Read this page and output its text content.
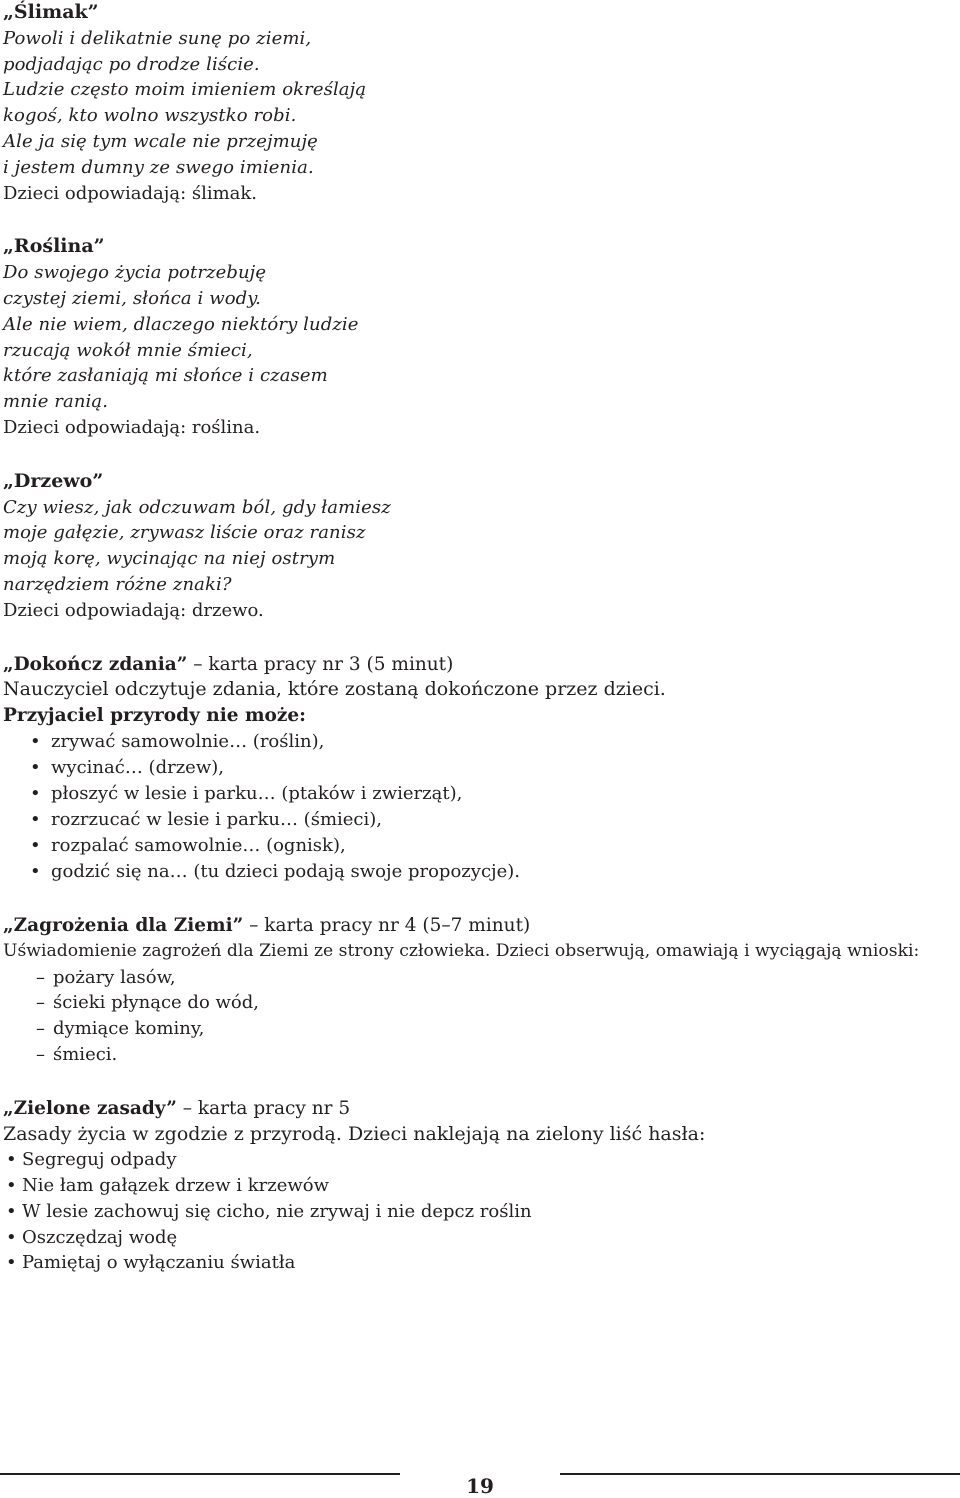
„Ślimak”
Powoli i delikatnie sunę po ziemi,
podjadając po drodze liście.
Ludzie często moim imieniem określają
kogoś, kto wolno wszystko robi.
Ale ja się tym wcale nie przejmuję
i jestem dumny ze swego imienia.
Dzieci odpowiadają: ślimak.
„Roślina”
Do swojego życia potrzebuję
czystej ziemi, słońca i wody.
Ale nie wiem, dlaczego niektóry ludzie
rzucają wokół mnie śmieci,
które zasłaniają mi słońce i czasem
mnie ranią.
Dzieci odpowiadają: roślina.
„Drzewo”
Czy wiesz, jak odczuwam ból, gdy łamiesz
moje gałęzie, zrywasz liście oraz ranisz
moją korę, wycinając na niej ostrym
narzędziem różne znaki?
Dzieci odpowiadają: drzewo.
„Dokończ zdania” – karta pracy nr 3 (5 minut)
Nauczyciel odczytuje zdania, które zostaną dokończone przez dzieci.
Przyjaciel przyrody nie może:
• zrywać samowolnie… (roślin),
• wycinać… (drzew),
• płoszyć w lesie i parku… (ptaków i zwierząt),
• rozrzucać w lesie i parku… (śmieci),
• rozpalać samowolnie… (ognisk),
• godzić się na… (tu dzieci podają swoje propozycje).
„Zagrożenia dla Ziemi” – karta pracy nr 4 (5–7 minut)
Uświadomienie zagrożeń dla Ziemi ze strony człowieka. Dzieci obserwują, omawiają i wyciągają wnioski:
– pożary lasów,
– ścieki płynące do wód,
– dymiące kominy,
– śmieci.
„Zielone zasady” – karta pracy nr 5
Zasady życia w zgodzie z przyrodą. Dzieci naklejają na zielony liść hasła:
• Segreguj odpady
• Nie łam gałązek drzew i krzewów
• W lesie zachowuj się cicho, nie zrywaj i nie depcz roślin
• Oszczędzaj wodę
• Pamiętaj o wyłączaniu światła
19
